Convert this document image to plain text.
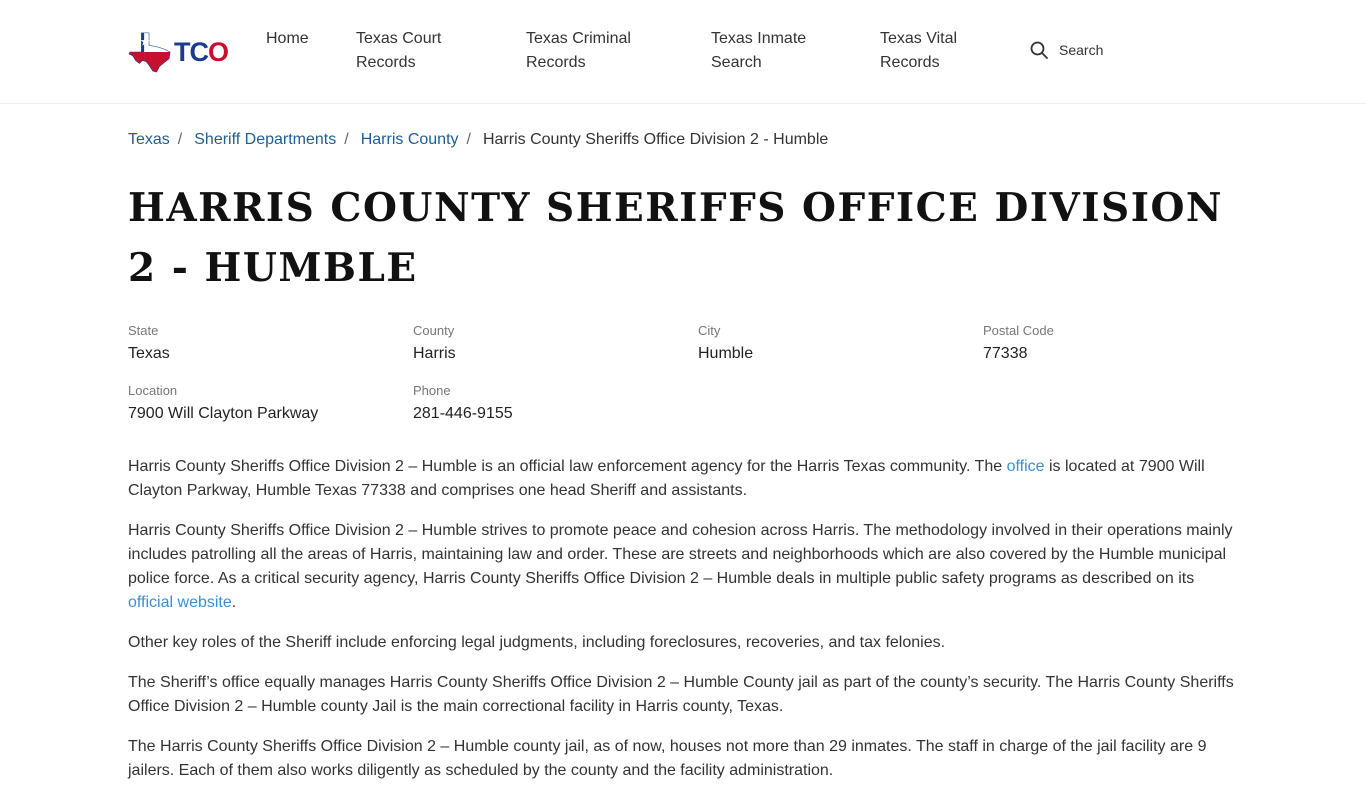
TCO Home	Texas Court
Records
Texas Criminal
Records
Texas Inmate
Search
Texas Vital
Records
Search
Texas / Sheriff Departments / Harris County / Harris County Sheriffs Office Division 2 - Humble
HARRIS COUNTY SHERIFFS OFFICE DIVISION 2 - HUMBLE
State
Texas
County
Harris
City
Humble
Postal Code
77338
Location
7900 Will Clayton Parkway
Phone
281-446-9155

Harris County Sheriffs Office Division 2 – Humble is an official law enforcement agency for the Harris Texas community. The office is located at 7900 Will Clayton Parkway, Humble Texas 77338 and comprises one head Sheriff and assistants.

Harris County Sheriffs Office Division 2 – Humble strives to promote peace and cohesion across Harris. The methodology involved in their operations mainly includes patrolling all the areas of Harris, maintaining law and order. These are streets and neighborhoods which are also covered by the Humble municipal police force. As a critical security agency, Harris County Sheriffs Office Division 2 – Humble deals in multiple public safety programs as described on its official website.

Other key roles of the Sheriff include enforcing legal judgments, including foreclosures, recoveries, and tax felonies.

The Sheriff’s office equally manages Harris County Sheriffs Office Division 2 – Humble County jail as part of the county’s security. The Harris County Sheriffs Office Division 2 – Humble county Jail is the main correctional facility in Harris county, Texas.

The Harris County Sheriffs Office Division 2 – Humble county jail, as of now, houses not more than 29 inmates. The staff in charge of the jail facility are 9 jailers. Each of them also works diligently as scheduled by the county and the facility administration.
